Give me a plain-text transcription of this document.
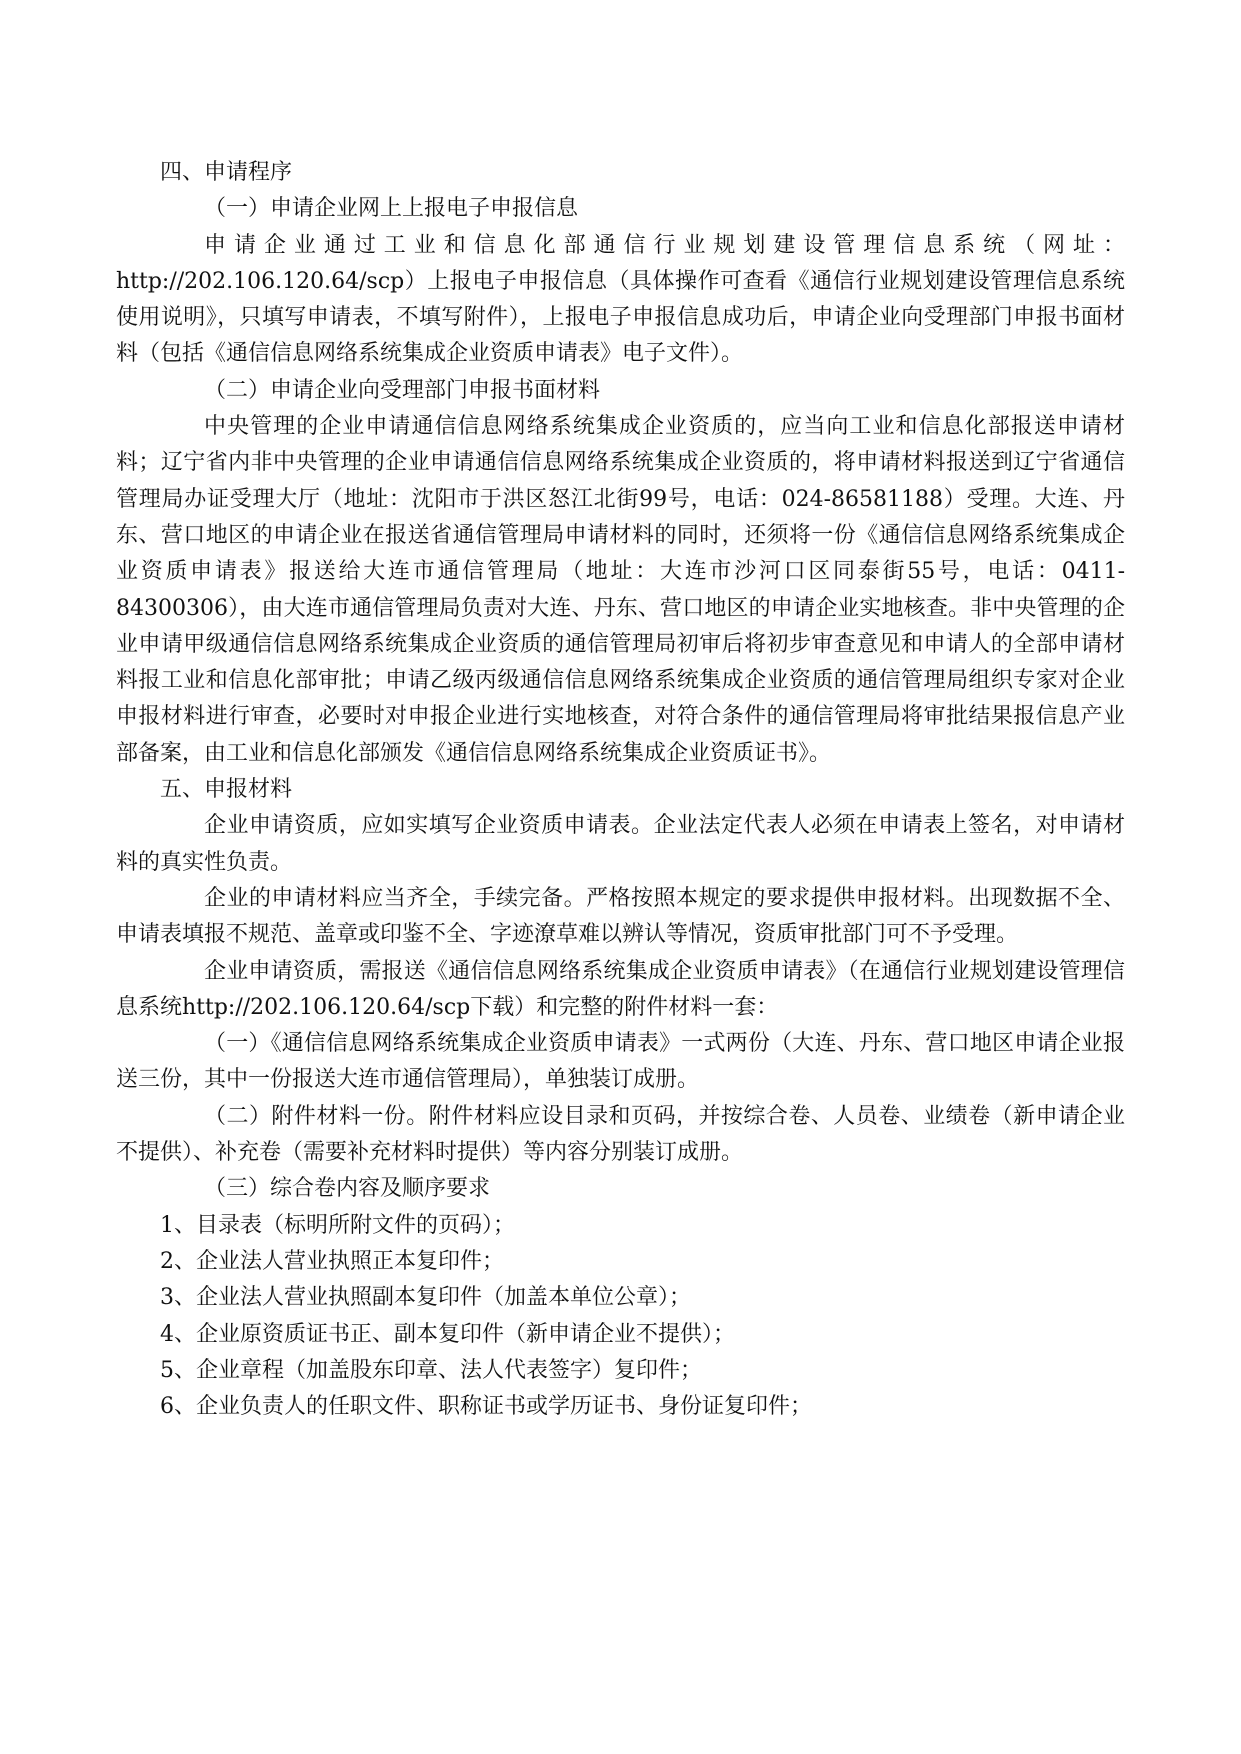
四、申请程序

（一）申请企业网上上报电子申报信息

申请企业通过工业和信息化部通信行业规划建设管理信息系统（网址：http://202.106.120.64/scp）上报电子申报信息（具体操作可查看《通信行业规划建设管理信息系统使用说明》，只填写申请表，不填写附件），上报电子申报信息成功后，申请企业向受理部门申报书面材料（包括《通信信息网络系统集成企业资质申请表》电子文件）。

（二）申请企业向受理部门申报书面材料

中央管理的企业申请通信信息网络系统集成企业资质的，应当向工业和信息化部报送申请材料；辽宁省内非中央管理的企业申请通信信息网络系统集成企业资质的，将申请材料报送到辽宁省通信管理局办证受理大厅（地址：沈阳市于洪区怒江北街99号，电话：024-86581188）受理。大连、丹东、营口地区的申请企业在报送省通信管理局申请材料的同时，还须将一份《通信信息网络系统集成企业资质申请表》报送给大连市通信管理局（地址：大连市沙河口区同泰街55号，电话：0411-84300306），由大连市通信管理局负责对大连、丹东、营口地区的申请企业实地核查。非中央管理的企业申请甲级通信信息网络系统集成企业资质的通信管理局初审后将初步审查意见和申请人的全部申请材料报工业和信息化部审批；申请乙级丙级通信信息网络系统集成企业资质的通信管理局组织专家对企业申报材料进行审查，必要时对申报企业进行实地核查，对符合条件的通信管理局将审批结果报信息产业部备案，由工业和信息化部颁发《通信信息网络系统集成企业资质证书》。

五、申报材料

企业申请资质，应如实填写企业资质申请表。企业法定代表人必须在申请表上签名，对申请材料的真实性负责。

企业的申请材料应当齐全，手续完备。严格按照本规定的要求提供申报材料。出现数据不全、申请表填报不规范、盖章或印鉴不全、字迹潦草难以辨认等情况，资质审批部门可不予受理。

企业申请资质，需报送《通信信息网络系统集成企业资质申请表》（在通信行业规划建设管理信息系统http://202.106.120.64/scp下载）和完整的附件材料一套：

（一）《通信信息网络系统集成企业资质申请表》一式两份（大连、丹东、营口地区申请企业报送三份，其中一份报送大连市通信管理局），单独装订成册。

（二）附件材料一份。附件材料应设目录和页码，并按综合卷、人员卷、业绩卷（新申请企业不提供）、补充卷（需要补充材料时提供）等内容分别装订成册。

（三）综合卷内容及顺序要求

1、目录表（标明所附文件的页码）；

2、企业法人营业执照正本复印件；

3、企业法人营业执照副本复印件（加盖本单位公章）；

4、企业原资质证书正、副本复印件（新申请企业不提供）；

5、企业章程（加盖股东印章、法人代表签字）复印件；

6、企业负责人的任职文件、职称证书或学历证书、身份证复印件；
